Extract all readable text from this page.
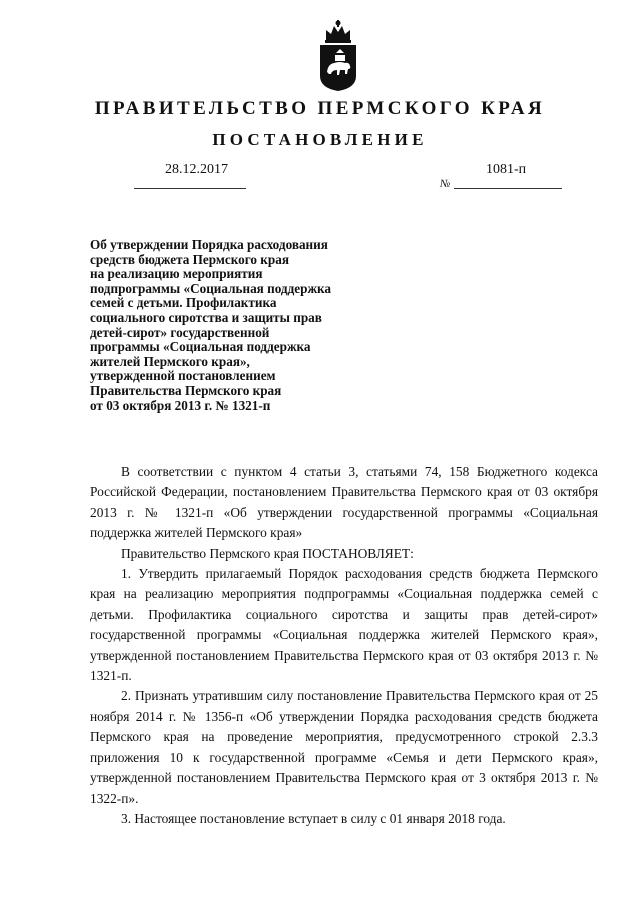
ПРАВИТЕЛЬСТВО ПЕРМСКОГО КРАЯ
ПОСТАНОВЛЕНИЕ
28.12.2017	1081-п
№
Об утверждении Порядка расходования
средств бюджета Пермского края
на реализацию мероприятия
подпрограммы «Социальная поддержка
семей с детьми. Профилактика
социального сиротства и защиты прав
детей-сирот» государственной
программы «Социальная поддержка
жителей Пермского края»,
утвержденной постановлением
Правительства Пермского края
от 03 октября 2013 г. № 1321-п

В соответствии с пунктом 4 статьи 3, статьями 74, 158 Бюджетного кодекса Российской Федерации, постановлением Правительства Пермского края от 03 октября 2013 г. № 1321-п «Об утверждении государственной программы «Социальная поддержка жителей Пермского края»

Правительство Пермского края ПОСТАНОВЛЯЕТ:

1. Утвердить прилагаемый Порядок расходования средств бюджета Пермского края на реализацию мероприятия подпрограммы «Социальная поддержка семей с детьми. Профилактика социального сиротства и защиты прав детей-сирот» государственной программы «Социальная поддержка жителей Пермского края», утвержденной постановлением Правительства Пермского края от 03 октября 2013 г. № 1321-п.

2. Признать утратившим силу постановление Правительства Пермского края от 25 ноября 2014 г. № 1356-п «Об утверждении Порядка расходования средств бюджета Пермского края на проведение мероприятия, предусмотренного строкой 2.3.3 приложения 10 к государственной программе «Семья и дети Пермского края», утвержденной постановлением Правительства Пермского края от 3 октября 2013 г. № 1322-п».

3. Настоящее постановление вступает в силу с 01 января 2018 года.
